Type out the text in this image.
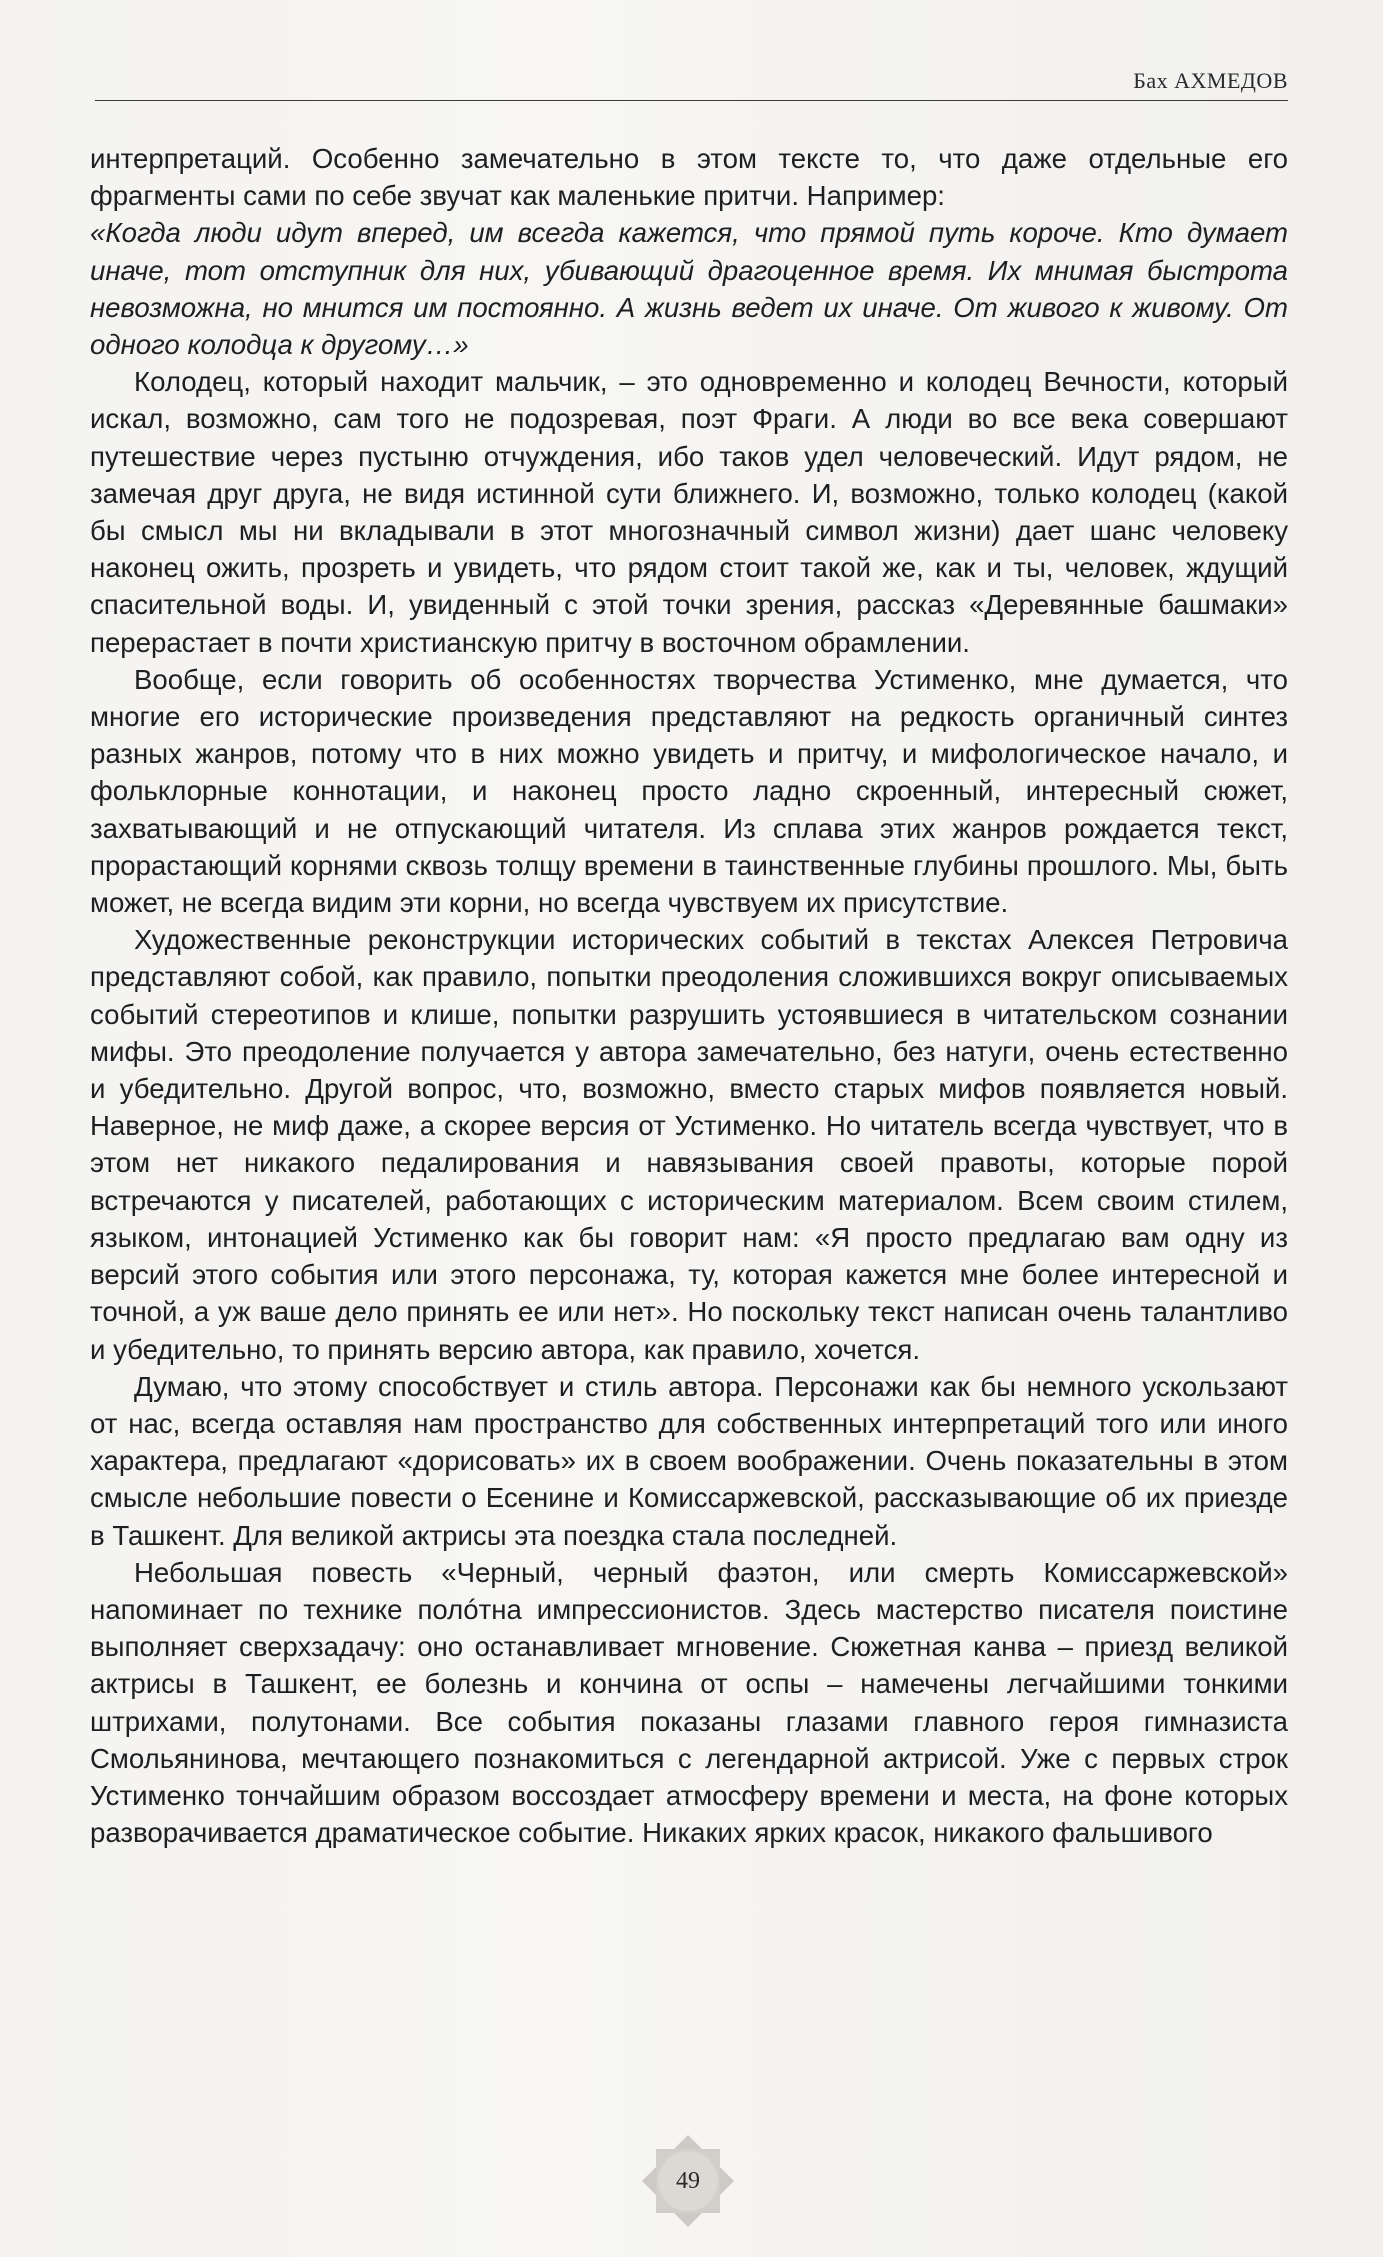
Бах АХМЕДОВ

интерпретаций. Особенно замечательно в этом тексте то, что даже отдельные его фрагменты сами по себе звучат как маленькие притчи. Например:

«Когда люди идут вперед, им всегда кажется, что прямой путь короче. Кто думает иначе, тот отступник для них, убивающий драгоценное время. Их мнимая быстрота невозможна, но мнится им постоянно. А жизнь ведет их иначе. От живого к живому. От одного колодца к другому…»

Колодец, который находит мальчик, – это одновременно и колодец Вечности, который искал, возможно, сам того не подозревая, поэт Фраги. А люди во все века совершают путешествие через пустыню отчуждения, ибо таков удел человеческий. Идут рядом, не замечая друг друга, не видя истинной сути ближнего. И, возможно, только колодец (какой бы смысл мы ни вкладывали в этот многозначный символ жизни) дает шанс человеку наконец ожить, прозреть и увидеть, что рядом стоит такой же, как и ты, человек, ждущий спасительной воды. И, увиденный с этой точки зрения, рассказ «Деревянные башмаки» перерастает в почти христианскую притчу в восточном обрамлении.

Вообще, если говорить об особенностях творчества Устименко, мне думается, что многие его исторические произведения представляют на редкость органичный синтез разных жанров, потому что в них можно увидеть и притчу, и мифологическое начало, и фольклорные коннотации, и наконец просто ладно скроенный, интересный сюжет, захватывающий и не отпускающий читателя. Из сплава этих жанров рождается текст, прорастающий корнями сквозь толщу времени в таинственные глубины прошлого. Мы, быть может, не всегда видим эти корни, но всегда чувствуем их присутствие.

Художественные реконструкции исторических событий в текстах Алексея Петровича представляют собой, как правило, попытки преодоления сложившихся вокруг описываемых событий стереотипов и клише, попытки разрушить устоявшиеся в читательском сознании мифы. Это преодоление получается у автора замечательно, без натуги, очень естественно и убедительно. Другой вопрос, что, возможно, вместо старых мифов появляется новый. Наверное, не миф даже, а скорее версия от Устименко. Но читатель всегда чувствует, что в этом нет никакого педалирования и навязывания своей правоты, которые порой встречаются у писателей, работающих с историческим материалом. Всем своим стилем, языком, интонацией Устименко как бы говорит нам: «Я просто предлагаю вам одну из версий этого события или этого персонажа, ту, которая кажется мне более интересной и точной, а уж ваше дело принять ее или нет». Но поскольку текст написан очень талантливо и убедительно, то принять версию автора, как правило, хочется.

Думаю, что этому способствует и стиль автора. Персонажи как бы немного ускользают от нас, всегда оставляя нам пространство для собственных интерпретаций того или иного характера, предлагают «дорисовать» их в своем воображении. Очень показательны в этом смысле небольшие повести о Есенине и Комиссаржевской, рассказывающие об их приезде в Ташкент. Для великой актрисы эта поездка стала последней.

Небольшая повесть «Черный, черный фаэтон, или смерть Комиссаржевской» напоминает по технике полóтна импрессионистов. Здесь мастерство писателя поистине выполняет сверхзадачу: оно останавливает мгновение. Сюжетная канва – приезд великой актрисы в Ташкент, ее болезнь и кончина от оспы – намечены легчайшими тонкими штрихами, полутонами. Все события показаны глазами главного героя гимназиста Смольянинова, мечтающего познакомиться с легендарной актрисой. Уже с первых строк Устименко тончайшим образом воссоздает атмосферу времени и места, на фоне которых разворачивается драматическое событие. Никаких ярких красок, никакого фальшивого

49
